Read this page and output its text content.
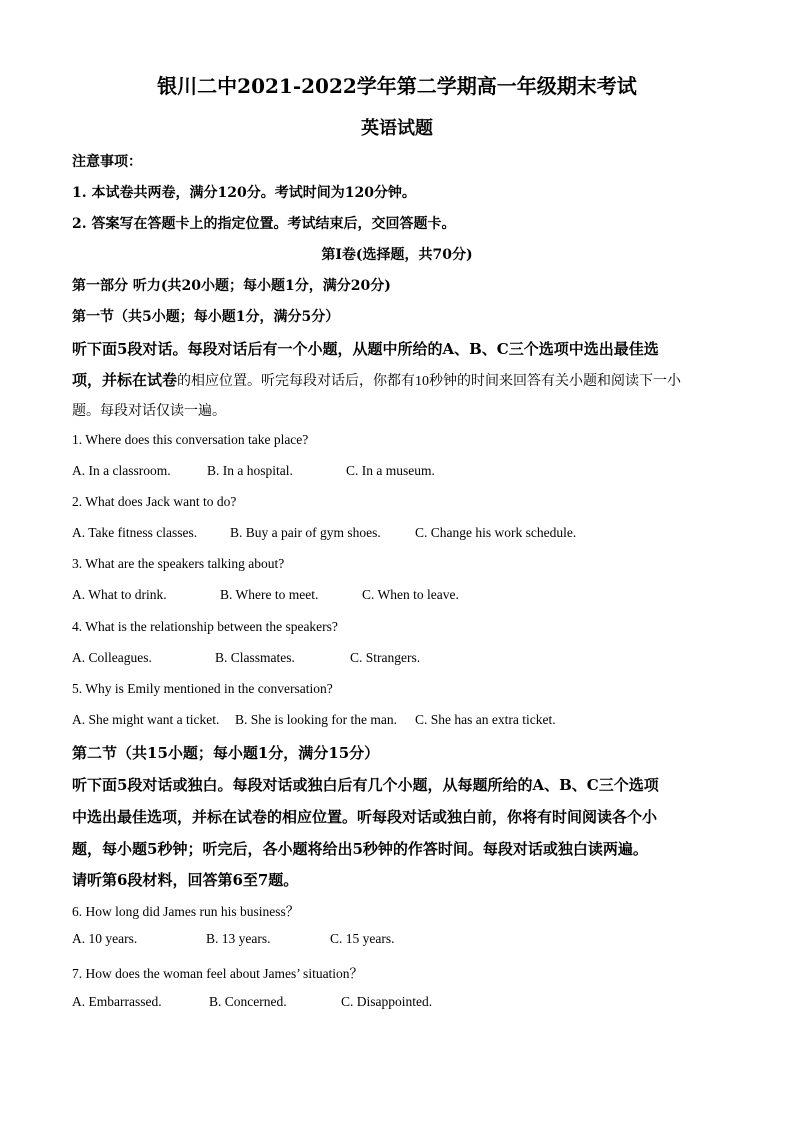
银川二中2021-2022学年第二学期高一年级期末考试
英语试题
注意事项：
1. 本试卷共两卷，满分120分。考试时间为120分钟。
2. 答案写在答题卡上的指定位置。考试结束后，交回答题卡。
第Ⅰ卷(选择题，共70分)
第一部分 听力(共20小题；每小题1分，满分20分)
第一节（共5小题；每小题1分，满分5分）
听下面5段对话。每段对话后有一个小题，从题中所给的A、B、C三个选项中选出最佳选
项，并标在试卷的相应位置。听完每段对话后，你都有10秒钟的时间来回答有关小题和阅读下一小
题。每段对话仅读一遍。
1. Where does this conversation take place?
A. In a classroom.	B. In a hospital.	C. In a museum.
2. What does Jack want to do?
A. Take fitness classes. B. Buy a pair of gym shoes.	C. Change his work schedule.
3. What are the speakers talking about?
A. What to drink.	B. Where to meet.	C. When to leave.
4. What is the relationship between the speakers?
A. Colleagues.	B. Classmates.	C. Strangers.
5. Why is Emily mentioned in the conversation?
A. She might want a ticket. B. She is looking for the man. C. She has an extra ticket.
第二节（共15小题；每小题1分，满分15分）
听下面5段对话或独白。每段对话或独白后有几个小题，从每题所给的A、B、C三个选项
中选出最佳选项，并标在试卷的相应位置。听每段对话或独白前，你将有时间阅读各个小
题，每小题5秒钟；听完后，各小题将给出5秒钟的作答时间。每段对话或独白读两遍。
请听第6段材料，回答第6至7题。
6. How long did James run his business？
A. 10 years.	B. 13 years.	C. 15 years.
7. How does the woman feel about James’ situation？
A. Embarrassed.	B. Concerned.	C. Disappointed.
